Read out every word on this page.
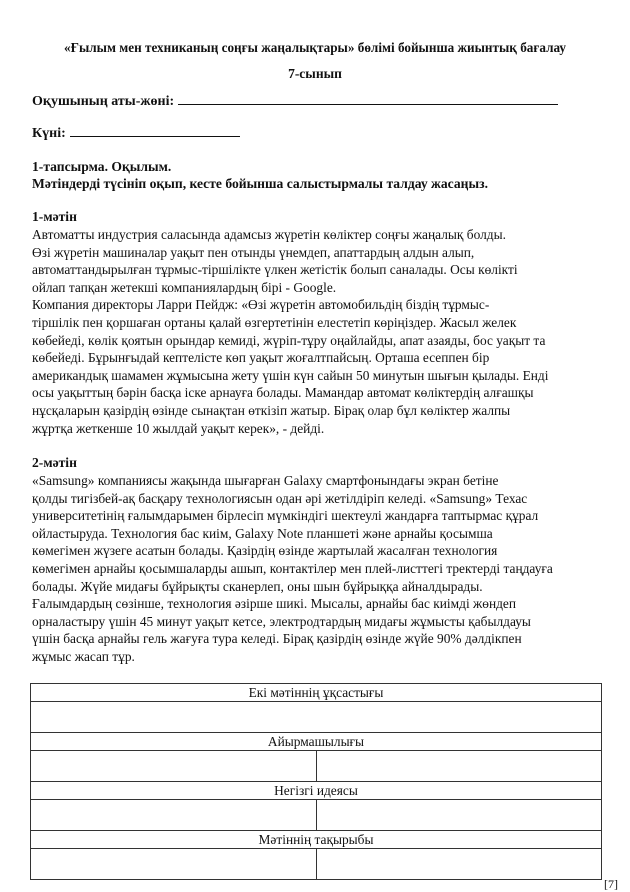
«Ғылым мен техниканың соңғы жаңалықтары» бөлімі бойынша жиынтық бағалау
7-сынып
Оқушының аты-жөні:
Күні:
1-тапсырма. Оқылым.
Мәтіндерді түсініп оқып, кесте бойынша салыстырмалы талдау жасаңыз.
1-мәтін
Автоматты индустрия саласында адамсыз жүретін көліктер соңғы жаңалық болды.
Өзі жүретін машиналар уақыт пен отынды үнемдеп, апаттардың алдын алып,
автоматтандырылған тұрмыс-тіршілікте үлкен жетістік болып саналады. Осы көлікті
ойлап тапқан жетекші компаниялардың бірі - Google.
Компания директоры Ларри Пейдж: «Өзі жүретін автомобильдің біздің тұрмыс-
тіршілік пен қоршаған ортаны қалай өзгертетінін елестетіп көріңіздер. Жасыл желек
көбейеді, көлік қоятын орындар кемиді, жүріп-тұру оңайлайды, апат азаяды, бос уақыт та
көбейеді. Бұрынғыдай кептелісте көп уақыт жоғалтпайсың. Орташа есеппен бір
американдық шамамен жұмысына жету үшін күн сайын 50 минутын шығын қылады. Енді
осы уақыттың бәрін басқа іске арнауға болады. Мамандар автомат көліктердің алғашқы
нұсқаларын қазірдің өзінде сынақтан өткізіп жатыр. Бірақ олар бұл көліктер жалпы
жұртқа жеткенше 10 жылдай уақыт керек», - дейді.
2-мәтін
«Samsung» компаниясы жақында шығарған Galaxy смартфонындағы экран бетіне
қолды тигізбей-ақ басқару технологиясын одан әрі жетілдіріп келеді. «Samsung» Техас
университетінің ғалымдарымен бірлесіп мүмкіндігі шектеулі жандарға таптырмас құрал
ойластыруда. Технология бас киім, Galaxy Note планшеті және арнайы қосымша
көмегімен жүзеге асатын болады. Қазірдің өзінде жартылай жасалған технология
көмегімен арнайы қосымшаларды ашып, контактілер мен плей-листтегі тректерді таңдауға
болады. Жүйе мидағы бұйрықты сканерлеп, оны шын бұйрыққа айналдырады.
Ғалымдардың сөзінше, технология әзірше шикі. Мысалы, арнайы бас киімді жөндеп
орналастыру үшін 45 минут уақыт кетсе, электродтардың мидағы жұмысты қабылдауы
үшін басқа арнайы гель жағуға тура келеді. Бірақ қазірдің өзінде жүйе 90% дәлдікпен
жұмыс жасап тұр.
Екі мәтіннің ұқсастығы	

Айырмашылығы	

Негізгі идеясы	

Мәтіннің тақырыбы	

[7]
